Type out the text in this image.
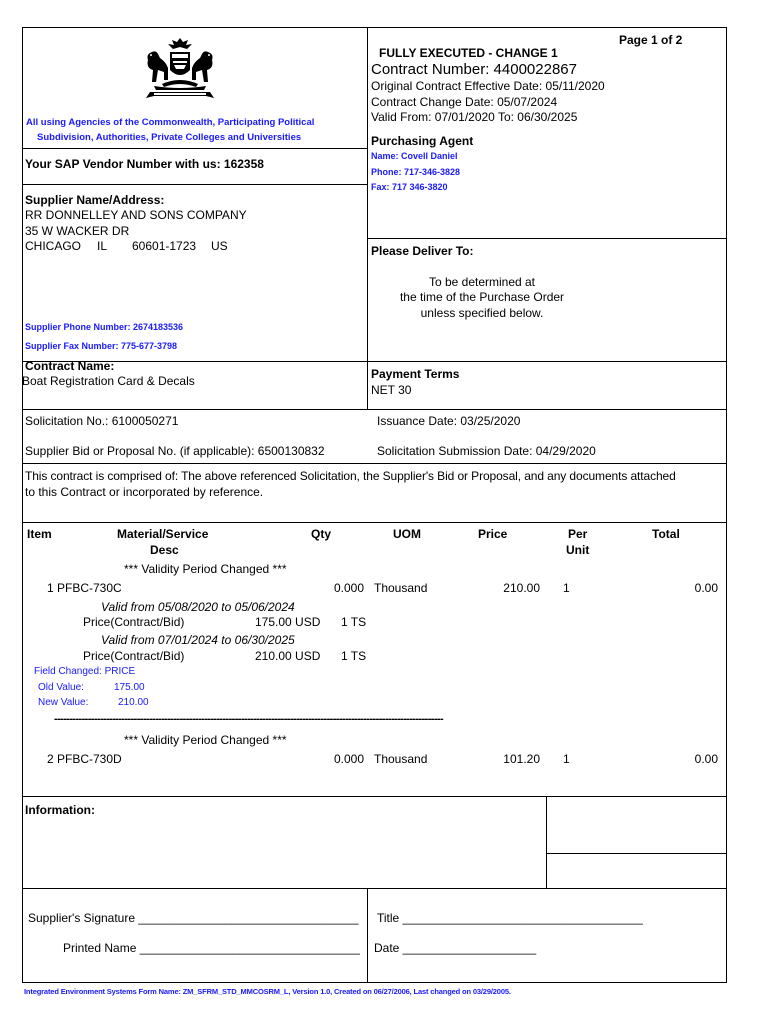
Page 1 of 2
FULLY EXECUTED - CHANGE 1
Contract Number: 4400022867
Original Contract Effective Date: 05/11/2020
Contract Change Date: 05/07/2024
Valid From: 07/01/2020 To: 06/30/2025
All using Agencies of the Commonwealth, Participating Political
Subdivision, Authorities, Private Colleges and Universities
Your SAP Vendor Number with us: 162358
Purchasing Agent
Name: Covell Daniel
Phone: 717-346-3828
Fax: 717 346-3820
Supplier Name/Address:
RR DONNELLEY AND SONS COMPANY
35 W WACKER DR
CHICAGO IL 60601-1723 US
Supplier Phone Number: 2674183536
Supplier Fax Number: 775-677-3798
Please Deliver To:
To be determined at
the time of the Purchase Order
unless specified below.
Contract Name:
Boat Registration Card & Decals	Payment Terms
NET 30
Solicitation No.: 6100050271	Issuance Date: 03/25/2020
Supplier Bid or Proposal No. (if applicable): 6500130832	Solicitation Submission Date: 04/29/2020
This contract is comprised of: The above referenced Solicitation, the Supplier's Bid or Proposal, and any documents attached
to this Contract or incorporated by reference.
Item	Material/Service
Desc
Qty	UOM	Price	Per
Unit
Total
*** Validity Period Changed ***
1 PFBC-730C	0.000 Thousand	210.00 1	0.00
Valid from 05/08/2020 to 05/06/2024
Price(Contract/Bid)	175.00 USD 1 TS
Valid from 07/01/2024 to 06/30/2025
Price(Contract/Bid)	210.00 USD 1 TS
Field Changed: PRICE
Old Value:	175.00
New Value:	210.00
-------------------------------------------------------------------------------------------------------------------------------
*** Validity Period Changed ***
2 PFBC-730D	0.000 Thousand	101.20 1	0.00
Information:
Supplier's Signature _________________________________
Printed Name _________________________________
Title ____________________________________
Date ____________________
Integrated Environment Systems Form Name: ZM_SFRM_STD_MMCOSRM_L, Version 1.0, Created on 06/27/2006, Last changed on 03/29/2005.
